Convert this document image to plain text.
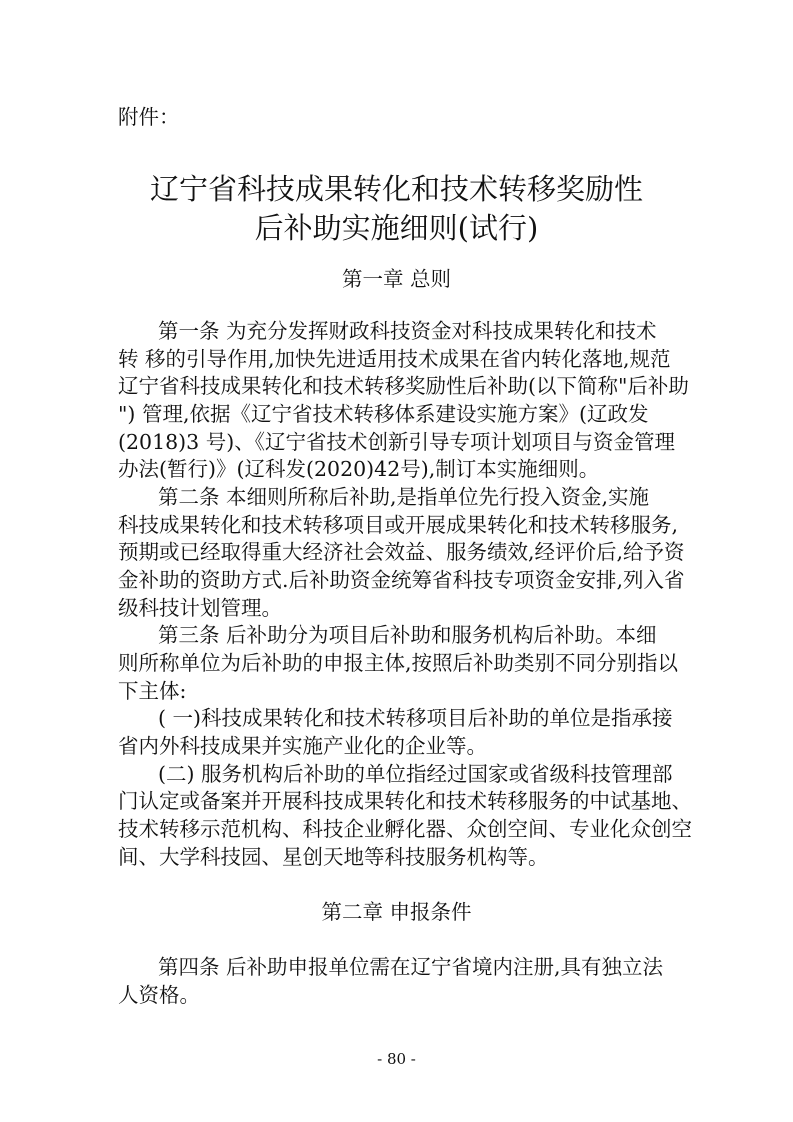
附件：
辽宁省科技成果转化和技术转移奖励性
后补助实施细则(试行)
第一章 总则
第一条 为充分发挥财政科技资金对科技成果转化和技术
转 移的引导作用,加快先进适用技术成果在省内转化落地,规范
辽宁省科技成果转化和技术转移奖励性后补助(以下简称"后补助
") 管理,依据《辽宁省技术转移体系建设实施方案》(辽政发
(2018)3 号)、《辽宁省技术创新引导专项计划项目与资金管理
办法(暂行)》(辽科发(2020)42号),制订本实施细则。
第二条 本细则所称后补助,是指单位先行投入资金,实施
科技成果转化和技术转移项目或开展成果转化和技术转移服务,
预期或已经取得重大经济社会效益、服务绩效,经评价后,给予资
金补助的资助方式.后补助资金统筹省科技专项资金安排,列入省
级科技计划管理。
第三条 后补助分为项目后补助和服务机构后补助。本细
则所称单位为后补助的申报主体,按照后补助类别不同分别指以
下主体:
( 一)科技成果转化和技术转移项目后补助的单位是指承接
省内外科技成果并实施产业化的企业等。
(二) 服务机构后补助的单位指经过国家或省级科技管理部
门认定或备案并开展科技成果转化和技术转移服务的中试基地、
技术转移示范机构、科技企业孵化器、众创空间、专业化众创空
间、大学科技园、星创天地等科技服务机构等。
第二章 申报条件
第四条 后补助申报单位需在辽宁省境内注册,具有独立法
人资格。
- 80 -
